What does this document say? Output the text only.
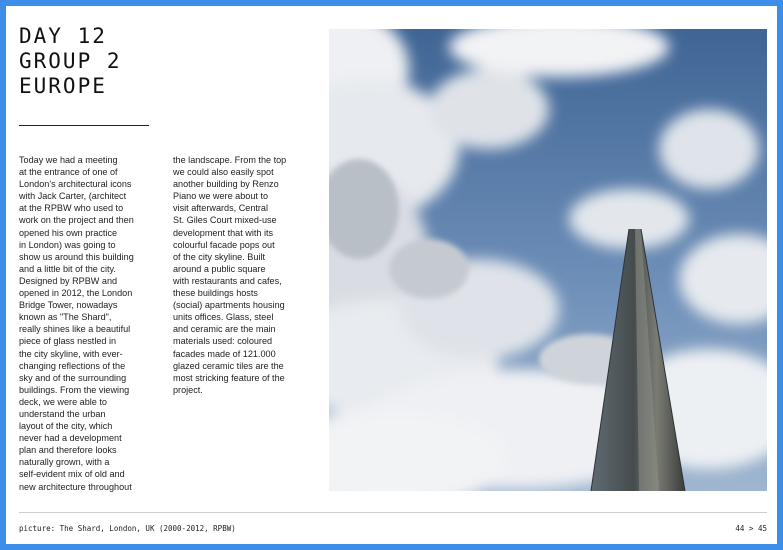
DAY 12
GROUP 2
EUROPE
Today we had a meeting
at the entrance of one of
London's architectural icons
with Jack Carter, (architect
at the RPBW who used to
work on the project and then
opened his own practice
in London) was going to
show us around this building
and a little bit of the city.
Designed by RPBW and
opened in 2012, the London
Bridge Tower, nowadays
known as "The Shard",
really shines like a beautiful
piece of glass nestled in
the city skyline, with ever-
changing reflections of the
sky and of the surrounding
buildings. From the viewing
deck, we were able to
understand the urban
layout of the city, which
never had a development
plan and therefore looks
naturally grown, with a
self-evident mix of old and
new architecture throughout
the landscape. From the top
we could also easily spot
another building by Renzo
Piano we were about to
visit afterwards, Central
St. Giles Court mixed-use
development that with its
colourful facade pops out
of the city skyline. Built
around a public square
with restaurants and cafes,
these buildings hosts
(social) apartments housing
units offices. Glass, steel
and ceramic are the main
materials used: coloured
facades made of 121.000
glazed ceramic tiles are the
most stricking feature of the
project.
picture: The Shard, London, UK (2000-2012, RPBW)	44 > 45
